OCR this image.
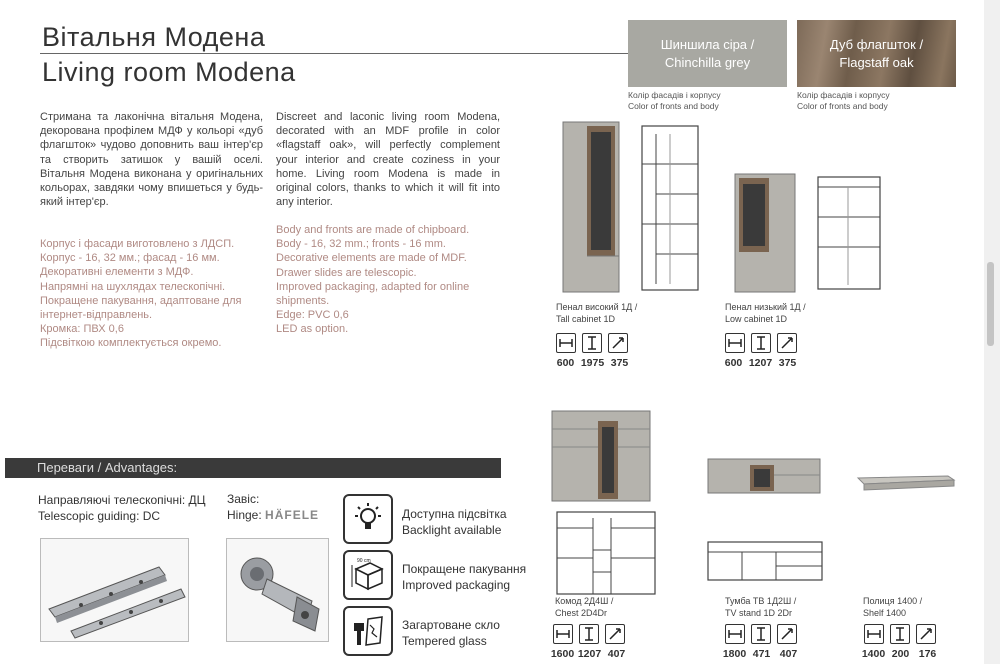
Вітальня Модена
Living room Modena
Шиншила сіра /
Chinchilla grey
Колір фасадів і корпусу
Color of fronts and body
Дуб флагшток /
Flagstaff oak
Колір фасадів і корпусу
Color of fronts and body
Стримана та лаконічна вітальня Модена, декорована профілем МДФ у кольорі «дуб флагшток» чудово доповнить ваш інтер'єр та створить затишок у вашій оселі. Вітальня Модена виконана у оригінальних кольорах, завдяки чому впишеться у будь-який інтер'єр.
Discreet and laconic living room Modena, decorated with an MDF profile in color «flagstaff oak», will perfectly complement your interior and create coziness in your home. Living room Modena is made in original colors, thanks to which it will fit into any interior.
Корпус і фасади виготовлено з ЛДСП.
Корпус - 16, 32 мм.; фасад - 16 мм.
Декоративні елементи з МДФ.
Напрямні на шухлядах телескопічні.
Покращене пакування, адаптоване для інтернет-відправлень.
Кромка: ПВХ 0,6
Підсвіткою комплектується окремо.
Body and fronts are made of chipboard.
Body - 16, 32 mm.; fronts - 16 mm.
Decorative elements are made of MDF.
Drawer slides are telescopic.
Improved packaging, adapted for online shipments.
Edge: PVC 0,6
LED as option.
Переваги / Advantages:
Направляючі телескопічні: ДЦ
Telescopic guiding: DC
Завіс:
Hinge: HÄFELE	Доступна підсвітка
Backlight available
90 cm
Покращене пакування
Improved packaging
Загартоване скло
Tempered glass
Пенал високий 1Д /
Tall cabinet 1D
Пенал низький 1Д /
Low cabinet 1D
600 1975 375	600 1207 375
Комод 2Д4Ш /
Chest 2D4Dr
Тумба ТВ 1Д2Ш /
TV stand 1D 2Dr
Полиця 1400 /
Shelf 1400
1600 1207 407	1800 471 407	1400 200 176
